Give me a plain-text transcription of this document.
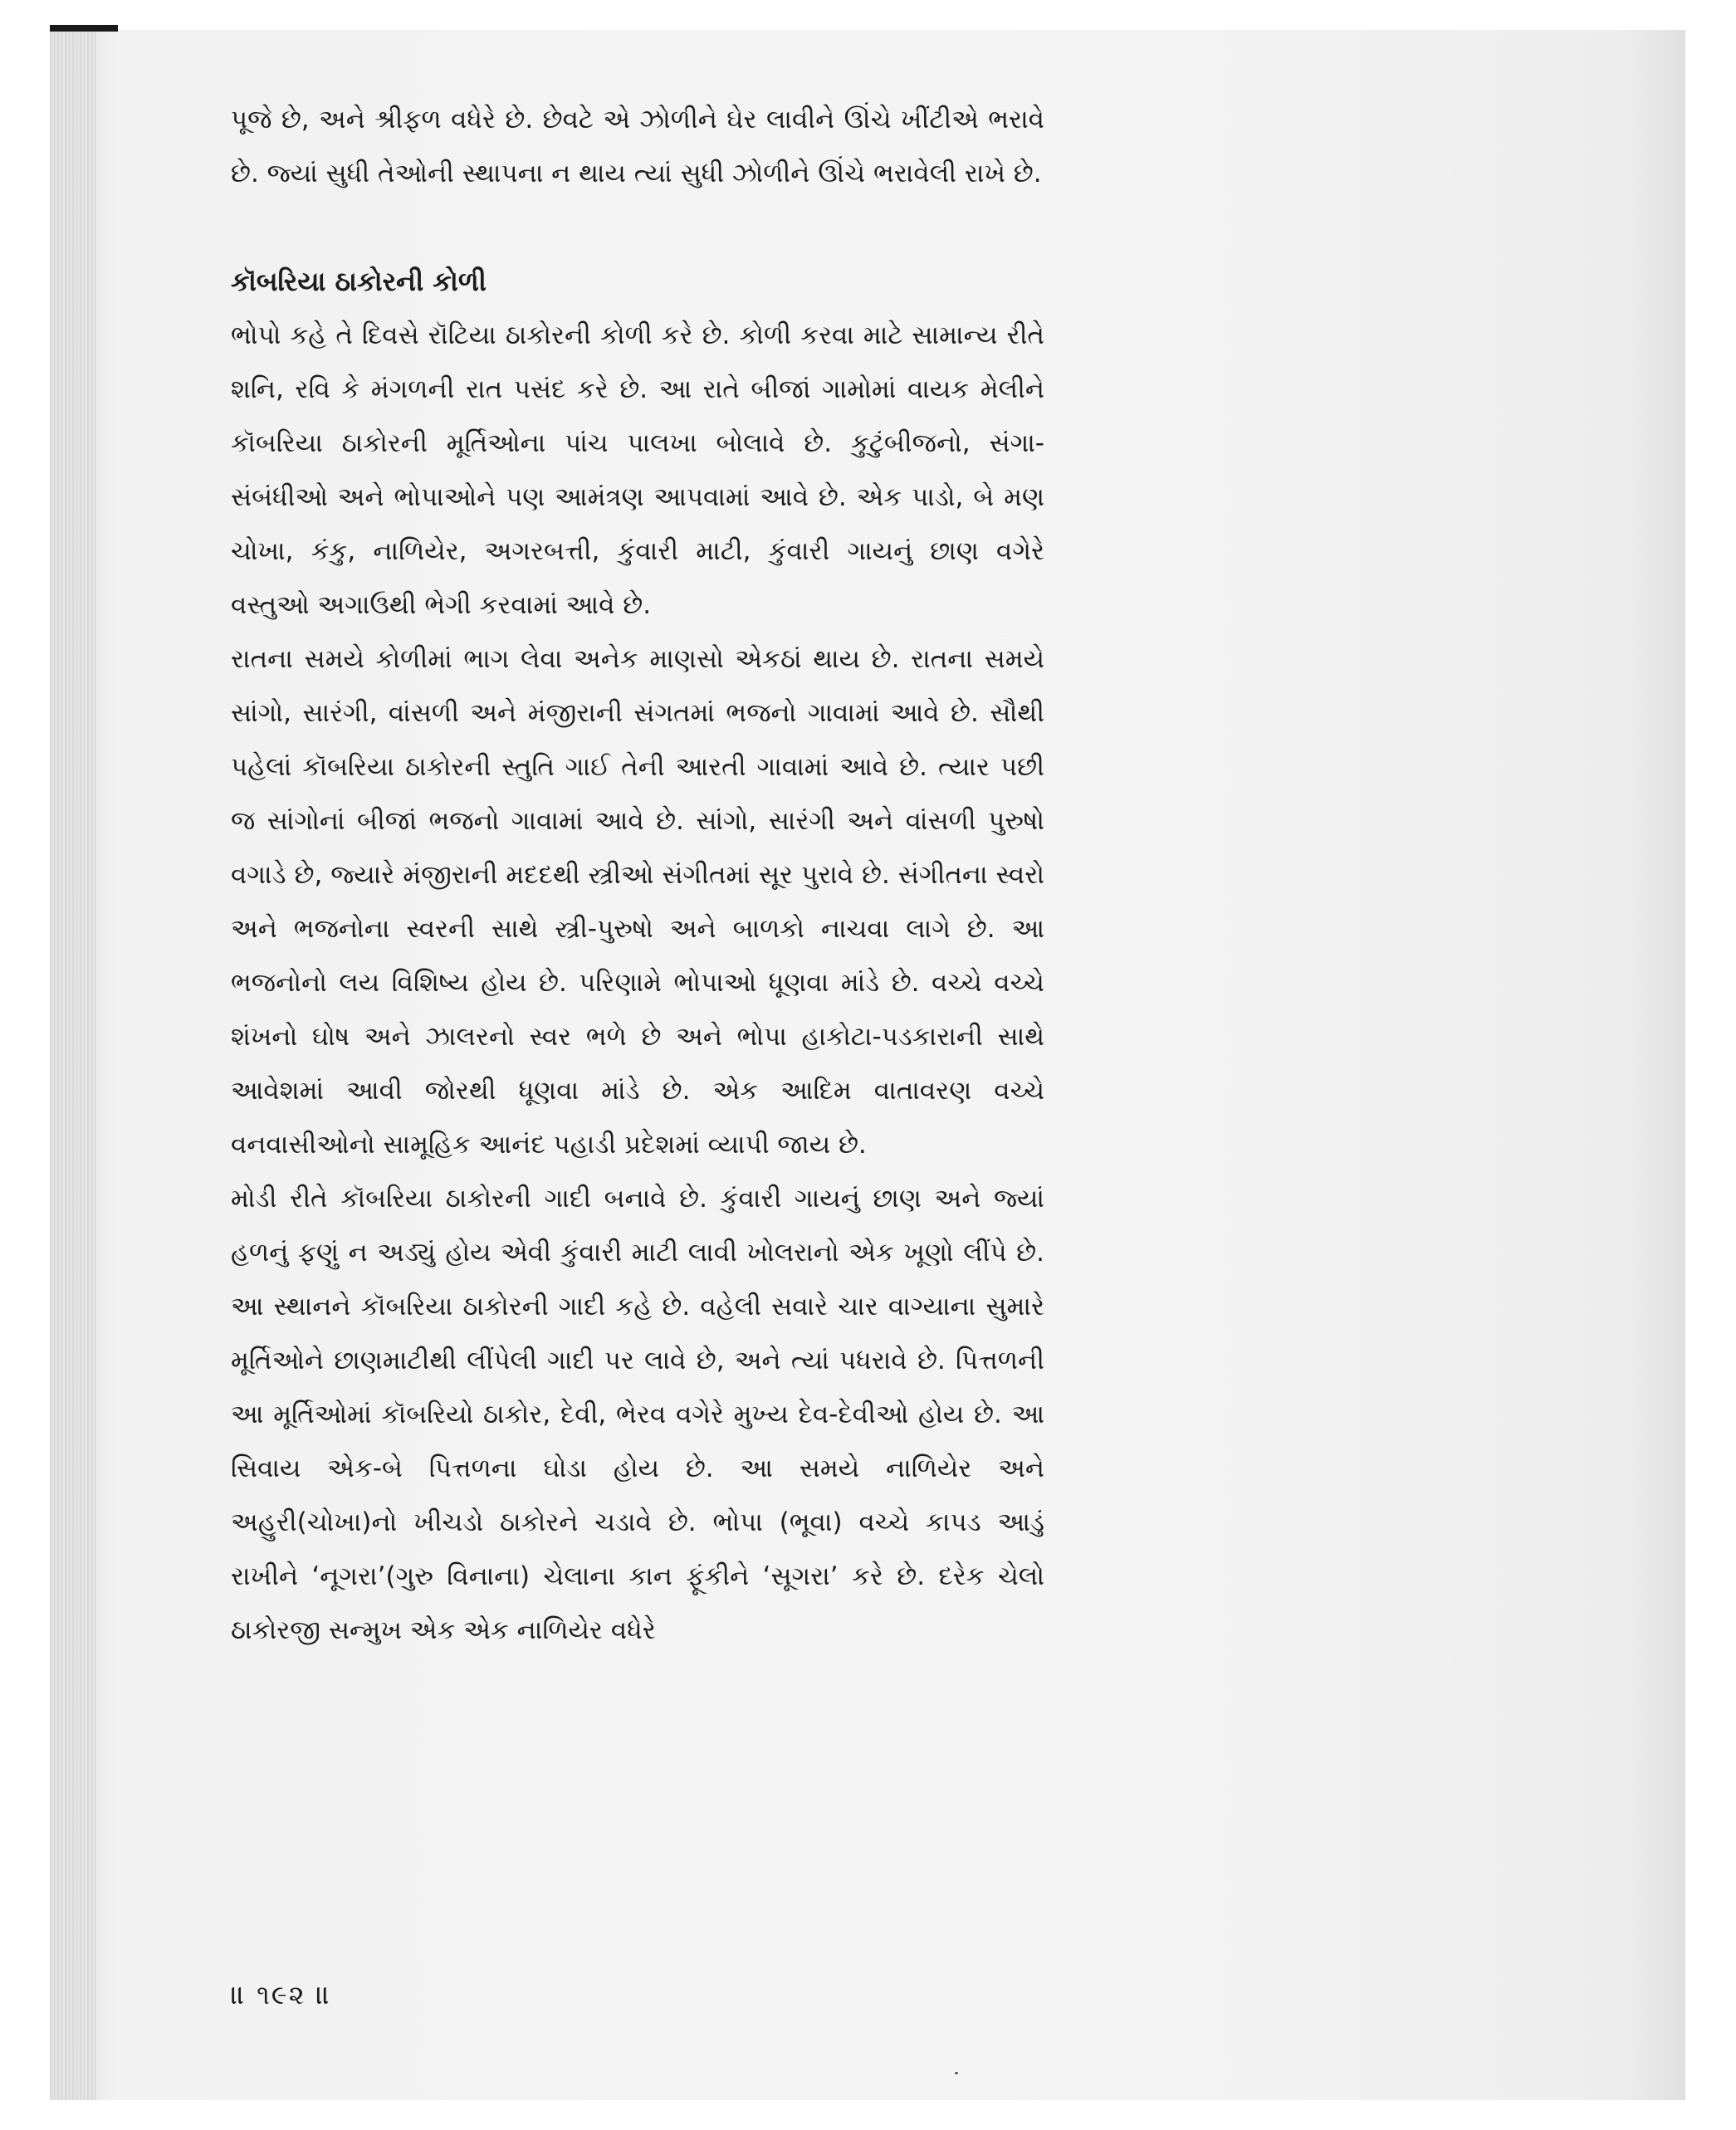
પૂજે છે, અને શ્રીફળ વધેરે છે. છેવટે એ ઝોળીને ઘેર લાવીને ઊંચે ખીંટીએ ભરાવે છે. જ્યાં સુધી તેઓની સ્થાપના ન થાય ત્યાં સુધી ઝોળીને ઊંચે ભરાવેલી રાખે છે.

કૉબરિયા ઠાકોરની કોળી

ભોપો કહે તે દિવસે રૉટિયા ઠાકોરની કોળી કરે છે. કોળી કરવા માટે સામાન્ય રીતે શનિ, રવિ કે મંગળની રાત પસંદ કરે છે. આ રાતે બીજાં ગામોમાં વાયક મેલીને કૉબરિયા ઠાકોરની મૂર્તિઓના પાંચ પાલખા બોલાવે છે. કુટુંબીજનો, સંગા-સંબંધીઓ અને ભોપાઓને પણ આમંત્રણ આપવામાં આવે છે. એક પાડો, બે મણ ચોખા, કંકુ, નાળિયેર, અગરબત્તી, કુંવારી માટી, કુંવારી ગાયનું છાણ વગેરે વસ્તુઓ અગાઉથી ભેગી કરવામાં આવે છે.

રાતના સમયે કોળીમાં ભાગ લેવા અનેક માણસો એકઠાં થાય છે. રાતના સમયે સાંગો, સારંગી, વાંસળી અને મંજીરાની સંગતમાં ભજનો ગાવામાં આવે છે. સૌથી પહેલાં કૉબરિયા ઠાકોરની સ્તુતિ ગાઈ તેની આરતી ગાવામાં આવે છે. ત્યાર પછી જ સાંગોનાં બીજાં ભજનો ગાવામાં આવે છે. સાંગો, સારંગી અને વાંસળી પુરુષો વગાડે છે, જ્યારે મંજીરાની મદદથી સ્ત્રીઓ સંગીતમાં સૂર પુરાવે છે. સંગીતના સ્વરો અને ભજનોના સ્વરની સાથે સ્ત્રી-પુરુષો અને બાળકો નાચવા લાગે છે. આ ભજનોનો લય વિશિષ્ય હોય છે. પરિણામે ભોપાઓ ધૂણવા માંડે છે. વચ્ચે વચ્ચે શંખનો ઘોષ અને ઝાલરનો સ્વર ભળે છે અને ભોપા હાકોટા-પડકારાની સાથે આવેશમાં આવી જોરથી ધૂણવા માંડે છે. એક આદિમ વાતાવરણ વચ્ચે વનવાસીઓનો સામૂહિક આનંદ પહાડી પ્રદેશમાં વ્યાપી જાય છે.

મોડી રીતે કૉબરિયા ઠાકોરની ગાદી બનાવે છે. કુંવારી ગાયનું છાણ અને જ્યાં હળનું ફણું ન અડ્યું હોય એવી કુંવારી માટી લાવી ખોલરાનો એક ખૂણો લીંપે છે. આ સ્થાનને કૉબરિયા ઠાકોરની ગાદી કહે છે. વહેલી સવારે ચાર વાગ્યાના સુમારે મૂર્તિઓને છાણમાટીથી લીંપેલી ગાદી પર લાવે છે, અને ત્યાં પધરાવે છે. પિત્તળની આ મૂર્તિઓમાં કૉબરિયો ઠાકોર, દેવી, ભેરવ વગેરે મુખ્ય દેવ-દેવીઓ હોય છે. આ સિવાય એક-બે પિત્તળના ઘોડા હોય છે. આ સમયે નાળિયેર અને અહુરી(ચોખા)નો ખીચડો ઠાકોરને ચડાવે છે. ભોપા (ભૂવા) વચ્ચે કાપડ આડું રાખીને ‘નૂગરા’(ગુરુ વિનાના) ચેલાના કાન ફૂંકીને ‘સૂગરા’ કરે છે. દરેક ચેલો ઠાકોરજી સન્મુખ એક એક નાળિયેર વધેરે

॥ ૧૯૨ ॥
